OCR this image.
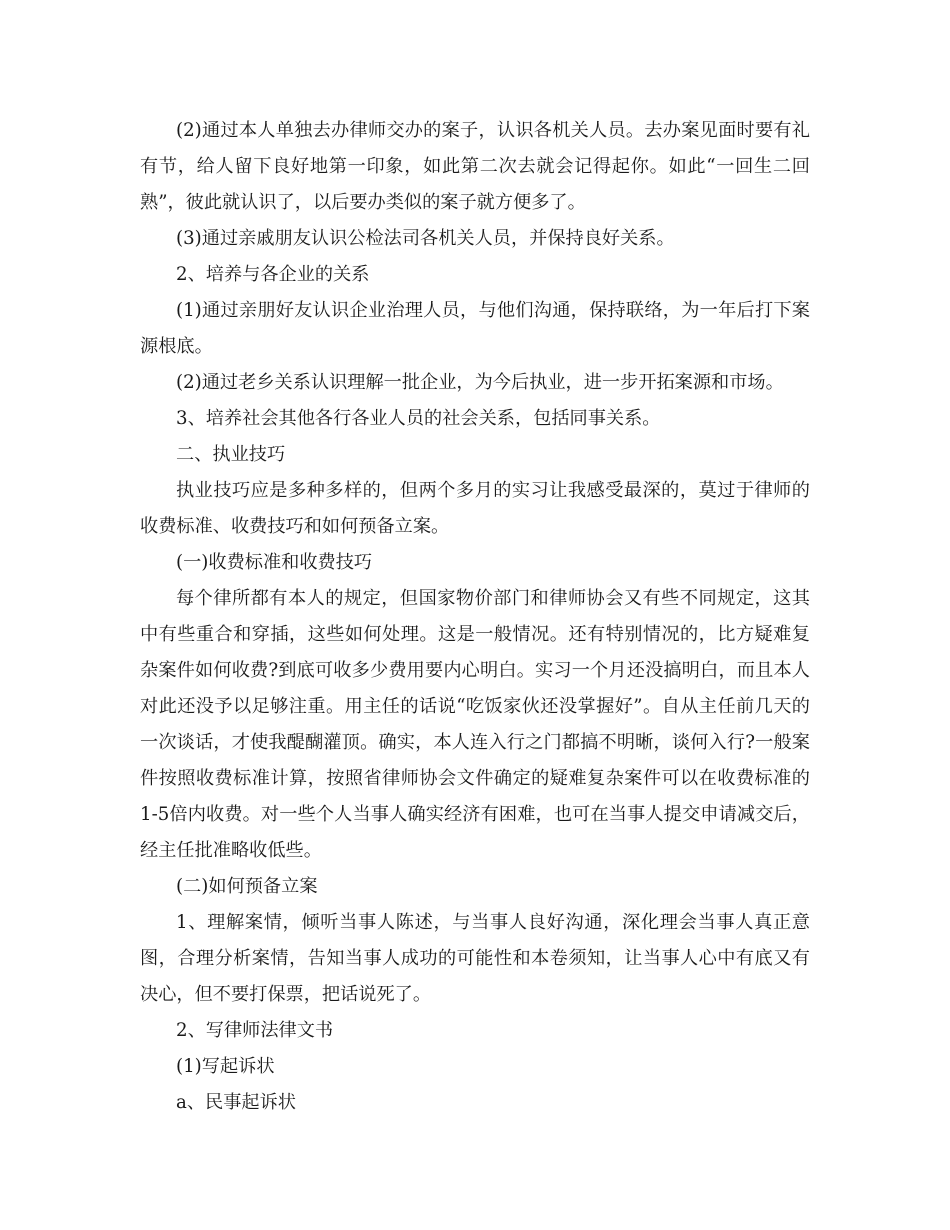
(2)通过本人单独去办律师交办的案子，认识各机关人员。去办案见面时要有礼有节，给人留下良好地第一印象，如此第二次去就会记得起你。如此“一回生二回熟”，彼此就认识了，以后要办类似的案子就方便多了。

(3)通过亲戚朋友认识公检法司各机关人员，并保持良好关系。

2、培养与各企业的关系

(1)通过亲朋好友认识企业治理人员，与他们沟通，保持联络，为一年后打下案源根底。

(2)通过老乡关系认识理解一批企业，为今后执业，进一步开拓案源和市场。

3、培养社会其他各行各业人员的社会关系，包括同事关系。

二、执业技巧

执业技巧应是多种多样的，但两个多月的实习让我感受最深的，莫过于律师的收费标准、收费技巧和如何预备立案。

(一)收费标准和收费技巧

每个律所都有本人的规定，但国家物价部门和律师协会又有些不同规定，这其中有些重合和穿插，这些如何处理。这是一般情况。还有特别情况的，比方疑难复杂案件如何收费?到底可收多少费用要内心明白。实习一个月还没搞明白，而且本人对此还没予以足够注重。用主任的话说“吃饭家伙还没掌握好”。自从主任前几天的一次谈话，才使我醍醐灌顶。确实，本人连入行之门都搞不明晰，谈何入行?一般案件按照收费标准计算，按照省律师协会文件确定的疑难复杂案件可以在收费标准的1-5倍内收费。对一些个人当事人确实经济有困难，也可在当事人提交申请减交后，经主任批准略收低些。

(二)如何预备立案

1、理解案情，倾听当事人陈述，与当事人良好沟通，深化理会当事人真正意图，合理分析案情，告知当事人成功的可能性和本卷须知，让当事人心中有底又有决心，但不要打保票，把话说死了。

2、写律师法律文书

(1)写起诉状

a、民事起诉状
